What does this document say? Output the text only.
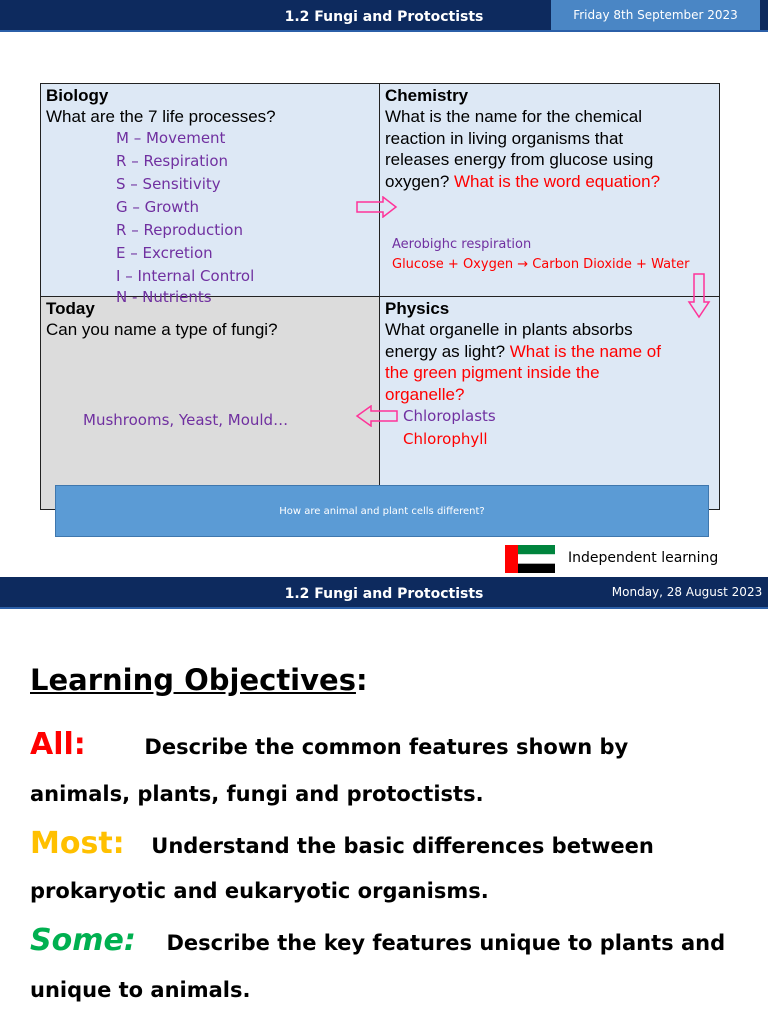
1.2 Fungi and Protoctists	Friday 8th September 2023
Biology
What are the 7 life processes?
M – Movement
R – Respiration
S – Sensitivity
G – Growth
R – Reproduction
E – Excretion
I – Internal Control
Chemistry
What is the name for the chemical
reaction in living organisms that
releases energy from glucose using
oxygen? What is the word equation?
Aerobighc respiration
Glucose + Oxygen → Carbon Dioxide + Water
Today
Can you name a type of fungi?
Mushrooms, Yeast, Mould…
Physics
What organelle in plants absorbs
energy as light? What is the name of
the green pigment inside the
organelle?
Chloroplasts
Chlorophyll
N - Nutrients
How are animal and plant cells different?
Independent learning
1.2 Fungi and Protoctists	Monday, 28 August 2023
Learning Objectives:
All:	Describe the common features shown by
animals, plants, fungi and protoctists.
Most: Understand the basic differences between
prokaryotic and eukaryotic organisms.
Some: Describe the key features unique to plants and
unique to animals.
